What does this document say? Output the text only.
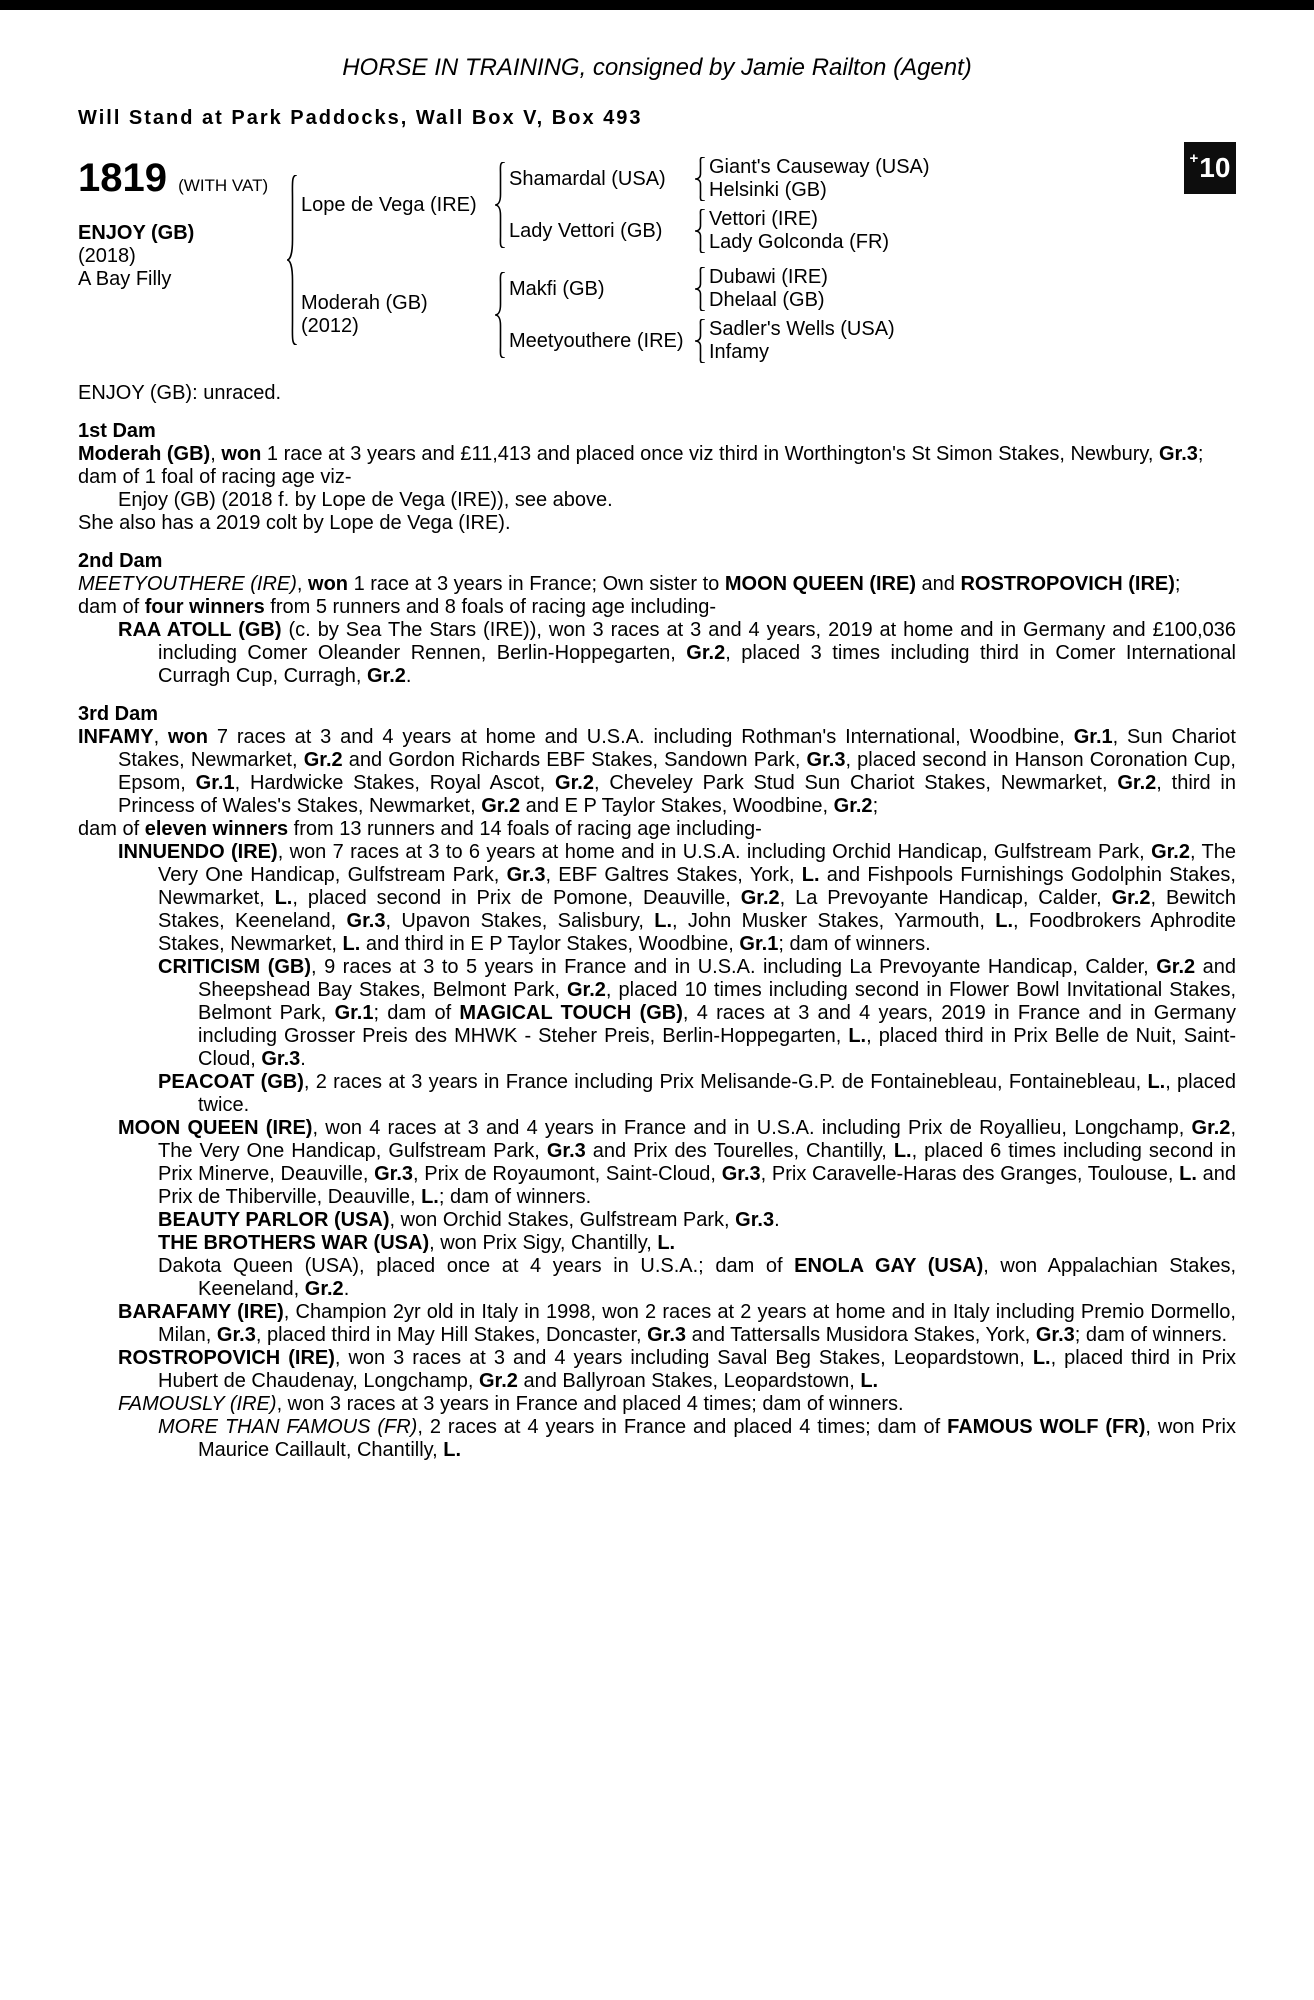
HORSE IN TRAINING, consigned by Jamie Railton (Agent)
Will Stand at Park Paddocks, Wall Box V, Box 493
+ 10
1819 (WITH VAT)
ENJOY (GB)
(2018)
A Bay Filly
Lope de Vega (IRE)
Shamardal (USA)
Giant's Causeway (USA)
Helsinki (GB)
Lady Vettori (GB)
Vettori (IRE)
Lady Golconda (FR)
Moderah (GB)
(2012)
Makfi (GB)
Dubawi (IRE)
Dhelaal (GB)
Meetyouthere (IRE)
Sadler's Wells (USA)
Infamy
ENJOY (GB): unraced.
1st Dam
Moderah (GB), won 1 race at 3 years and £11,413 and placed once viz third in Worthington's St Simon Stakes, Newbury, Gr.3;
dam of 1 foal of racing age viz-
Enjoy (GB) (2018 f. by Lope de Vega (IRE)), see above.
She also has a 2019 colt by Lope de Vega (IRE).
2nd Dam
MEETYOUTHERE (IRE), won 1 race at 3 years in France; Own sister to MOON QUEEN (IRE) and ROSTROPOVICH (IRE);
dam of four winners from 5 runners and 8 foals of racing age including-
RAA ATOLL (GB) (c. by Sea The Stars (IRE)), won 3 races at 3 and 4 years, 2019 at home and in Germany and £100,036 including Comer Oleander Rennen, Berlin-Hoppegarten, Gr.2, placed 3 times including third in Comer International Curragh Cup, Curragh, Gr.2.
3rd Dam
INFAMY, won 7 races at 3 and 4 years at home and U.S.A. including Rothman's International, Woodbine, Gr.1, Sun Chariot Stakes, Newmarket, Gr.2 and Gordon Richards EBF Stakes, Sandown Park, Gr.3, placed second in Hanson Coronation Cup, Epsom, Gr.1, Hardwicke Stakes, Royal Ascot, Gr.2, Cheveley Park Stud Sun Chariot Stakes, Newmarket, Gr.2, third in Princess of Wales's Stakes, Newmarket, Gr.2 and E P Taylor Stakes, Woodbine, Gr.2;
dam of eleven winners from 13 runners and 14 foals of racing age including-
INNUENDO (IRE), won 7 races at 3 to 6 years at home and in U.S.A. including Orchid Handicap, Gulfstream Park, Gr.2, The Very One Handicap, Gulfstream Park, Gr.3, EBF Galtres Stakes, York, L. and Fishpools Furnishings Godolphin Stakes, Newmarket, L., placed second in Prix de Pomone, Deauville, Gr.2, La Prevoyante Handicap, Calder, Gr.2, Bewitch Stakes, Keeneland, Gr.3, Upavon Stakes, Salisbury, L., John Musker Stakes, Yarmouth, L., Foodbrokers Aphrodite Stakes, Newmarket, L. and third in E P Taylor Stakes, Woodbine, Gr.1; dam of winners.
CRITICISM (GB), 9 races at 3 to 5 years in France and in U.S.A. including La Prevoyante Handicap, Calder, Gr.2 and Sheepshead Bay Stakes, Belmont Park, Gr.2, placed 10 times including second in Flower Bowl Invitational Stakes, Belmont Park, Gr.1; dam of MAGICAL TOUCH (GB), 4 races at 3 and 4 years, 2019 in France and in Germany including Grosser Preis des MHWK - Steher Preis, Berlin-Hoppegarten, L., placed third in Prix Belle de Nuit, Saint-Cloud, Gr.3.
PEACOAT (GB), 2 races at 3 years in France including Prix Melisande-G.P. de Fontainebleau, Fontainebleau, L., placed twice.
MOON QUEEN (IRE), won 4 races at 3 and 4 years in France and in U.S.A. including Prix de Royallieu, Longchamp, Gr.2, The Very One Handicap, Gulfstream Park, Gr.3 and Prix des Tourelles, Chantilly, L., placed 6 times including second in Prix Minerve, Deauville, Gr.3, Prix de Royaumont, Saint-Cloud, Gr.3, Prix Caravelle-Haras des Granges, Toulouse, L. and Prix de Thiberville, Deauville, L.; dam of winners.
BEAUTY PARLOR (USA), won Orchid Stakes, Gulfstream Park, Gr.3.
THE BROTHERS WAR (USA), won Prix Sigy, Chantilly, L.
Dakota Queen (USA), placed once at 4 years in U.S.A.; dam of ENOLA GAY (USA), won Appalachian Stakes, Keeneland, Gr.2.
BARAFAMY (IRE), Champion 2yr old in Italy in 1998, won 2 races at 2 years at home and in Italy including Premio Dormello, Milan, Gr.3, placed third in May Hill Stakes, Doncaster, Gr.3 and Tattersalls Musidora Stakes, York, Gr.3; dam of winners.
ROSTROPOVICH (IRE), won 3 races at 3 and 4 years including Saval Beg Stakes, Leopardstown, L., placed third in Prix Hubert de Chaudenay, Longchamp, Gr.2 and Ballyroan Stakes, Leopardstown, L.
FAMOUSLY (IRE), won 3 races at 3 years in France and placed 4 times; dam of winners.
MORE THAN FAMOUS (FR), 2 races at 4 years in France and placed 4 times; dam of FAMOUS WOLF (FR), won Prix Maurice Caillault, Chantilly, L.
